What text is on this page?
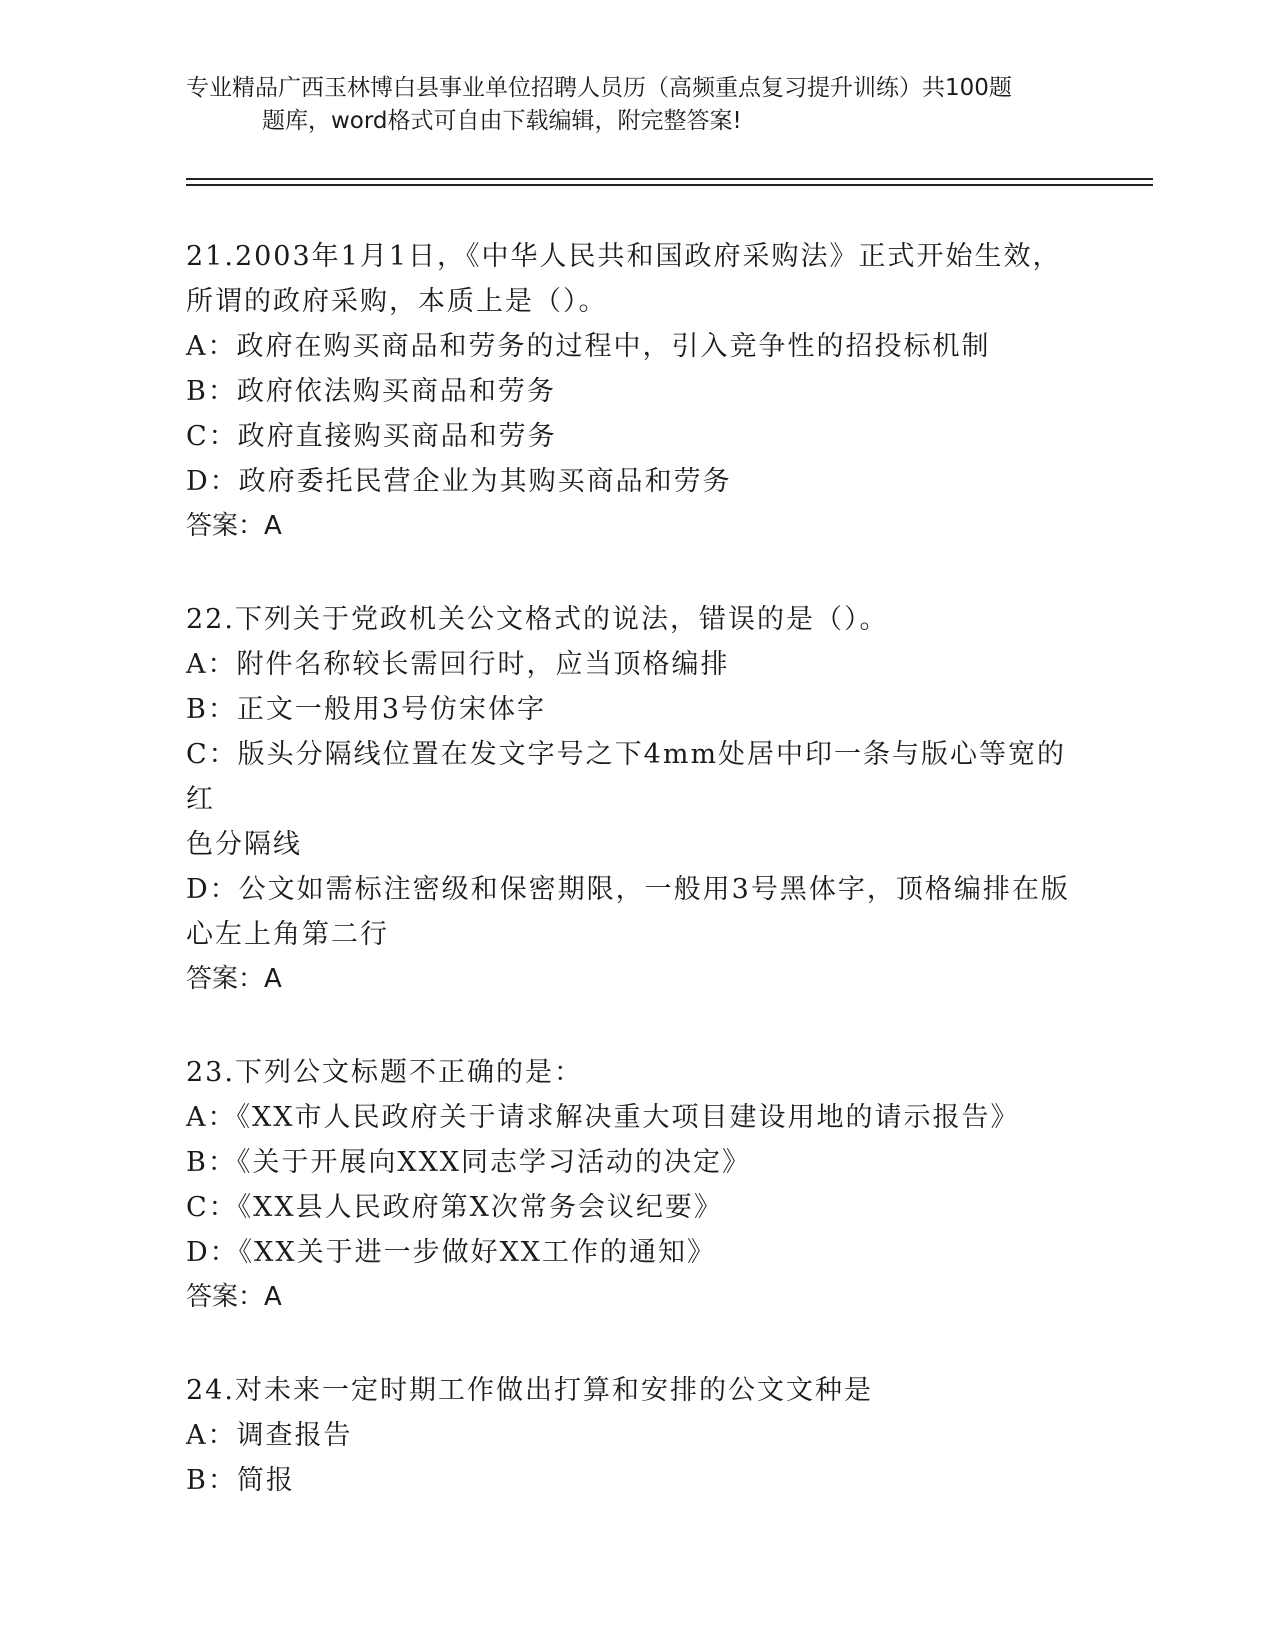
专业精品广西玉林博白县事业单位招聘人员历（高频重点复习提升训练）共100题
题库，word格式可自由下载编辑，附完整答案!
21.2003年1月1日，《中华人民共和国政府采购法》正式开始生效，
所谓的政府采购，本质上是（）。
A：政府在购买商品和劳务的过程中，引入竞争性的招投标机制
B：政府依法购买商品和劳务
C：政府直接购买商品和劳务
D：政府委托民营企业为其购买商品和劳务
答案：A
22.下列关于党政机关公文格式的说法，错误的是（）。
A：附件名称较长需回行时，应当顶格编排
B：正文一般用3号仿宋体字
C：版头分隔线位置在发文字号之下4mm处居中印一条与版心等宽的红
色分隔线
D：公文如需标注密级和保密期限，一般用3号黑体字，顶格编排在版
心左上角第二行
答案：A
23.下列公文标题不正确的是：
A：《XX市人民政府关于请求解决重大项目建设用地的请示报告》
B：《关于开展向XXX同志学习活动的决定》
C：《XX县人民政府第X次常务会议纪要》
D：《XX关于进一步做好XX工作的通知》
答案：A
24.对未来一定时期工作做出打算和安排的公文文种是
A：调查报告
B：简报
